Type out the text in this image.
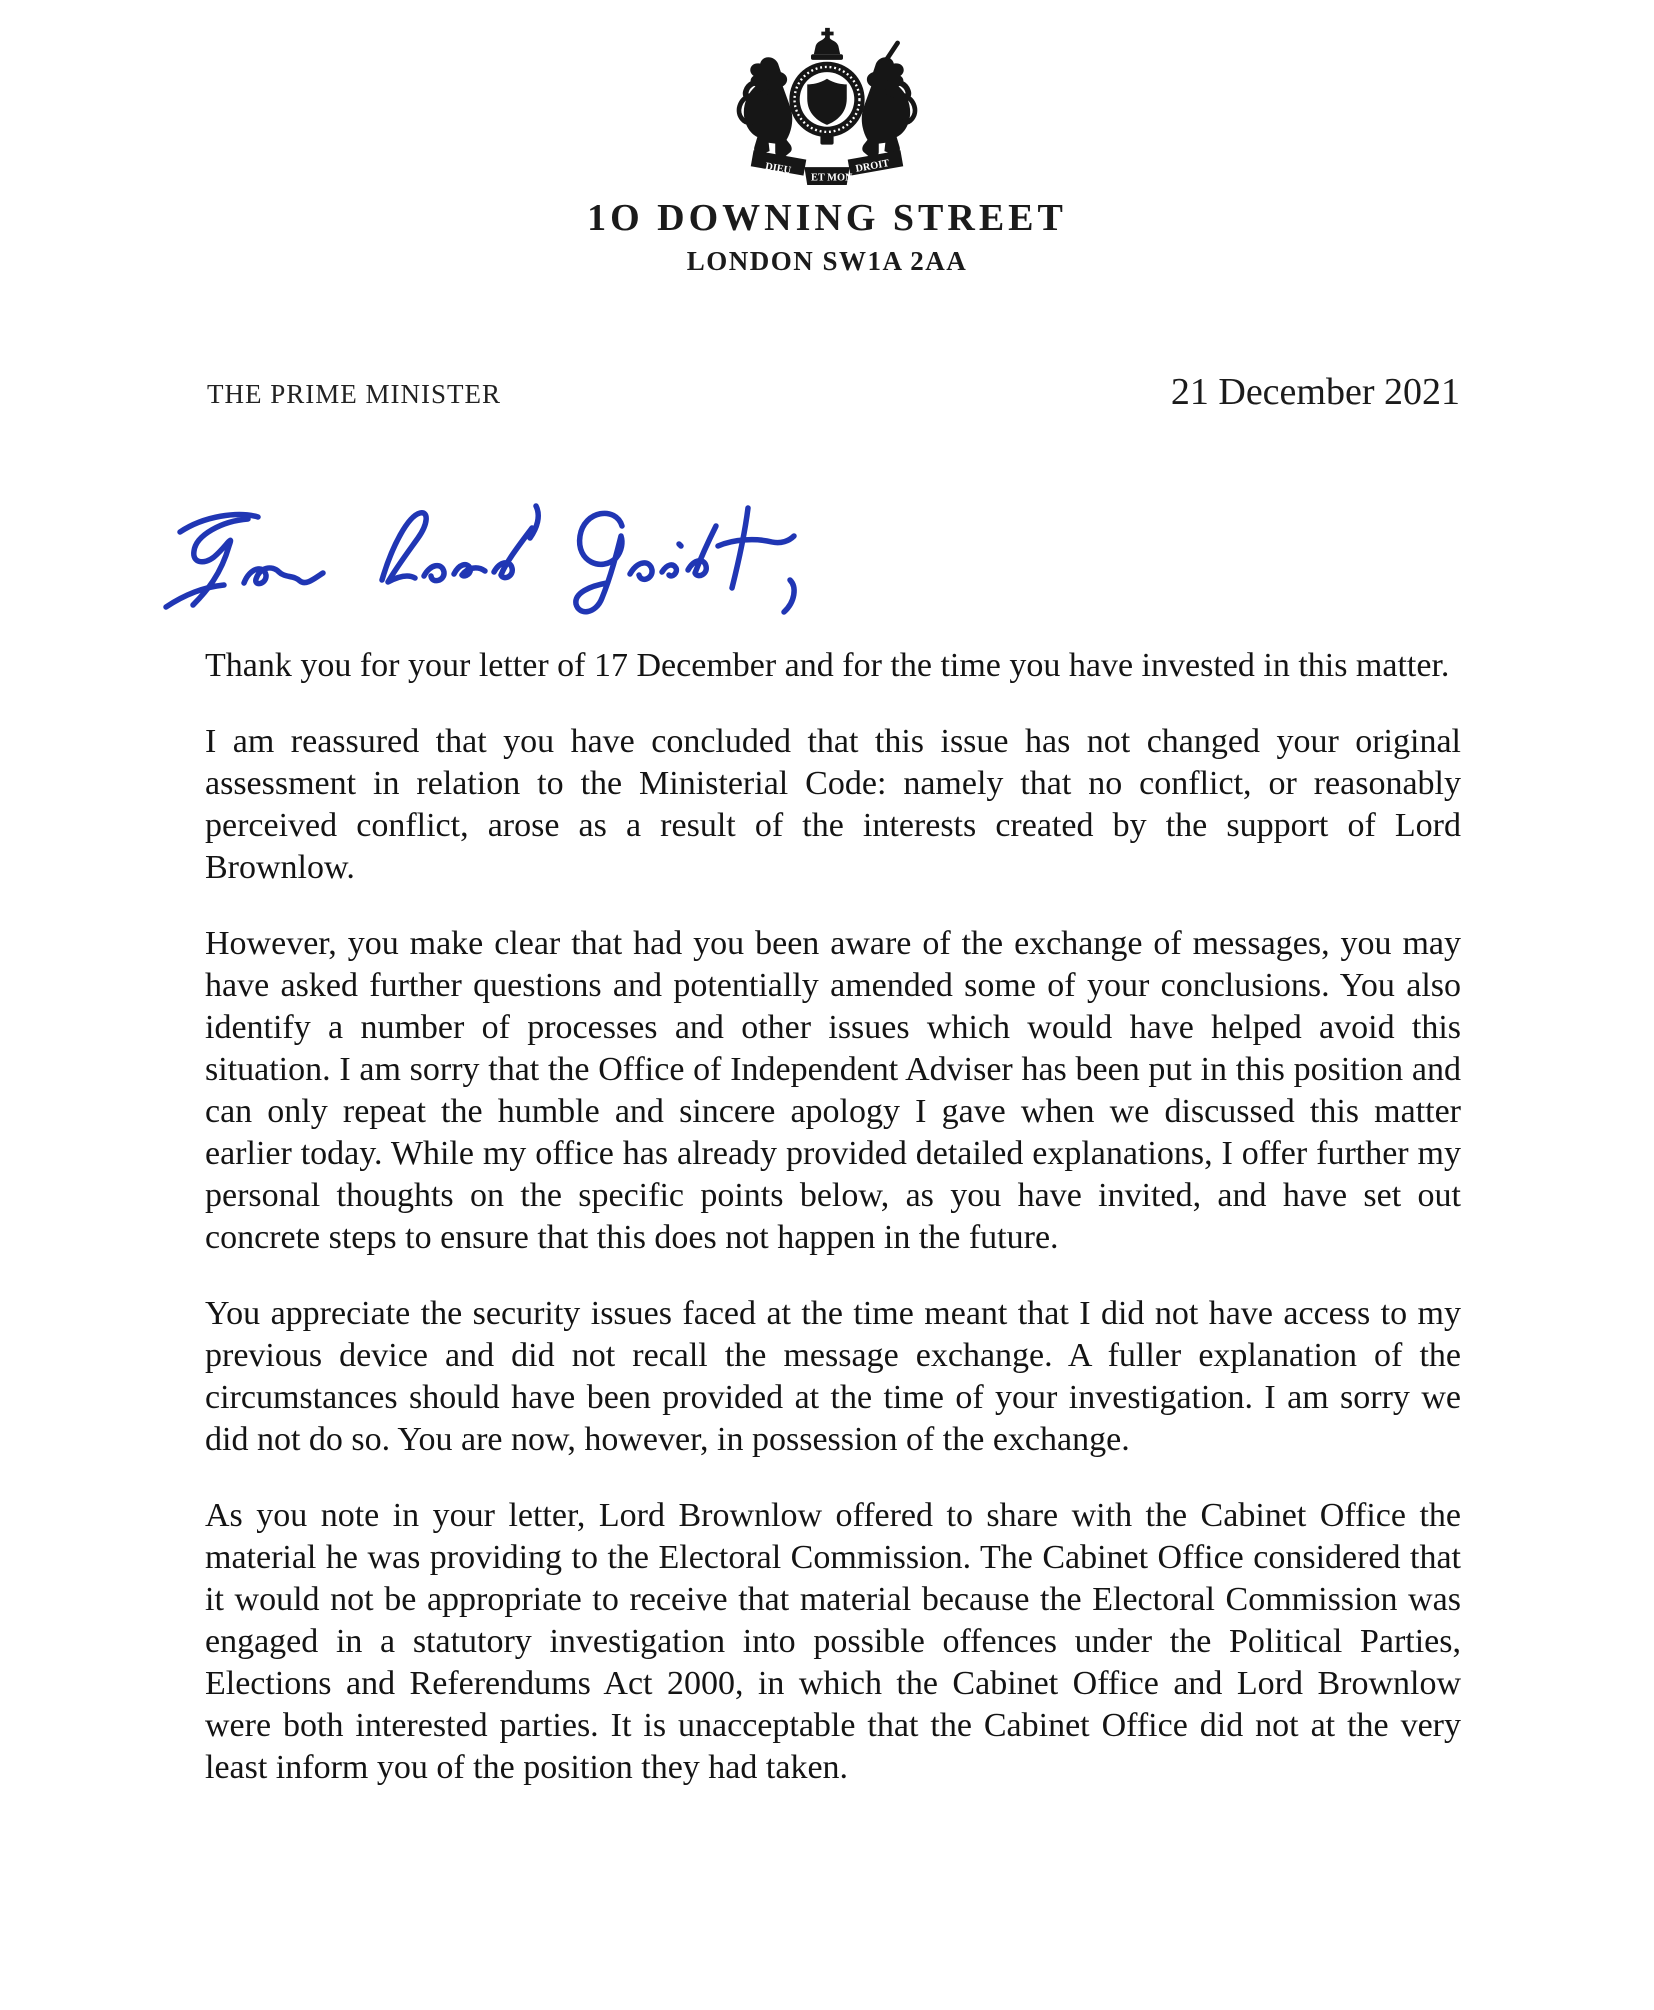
DIEU	DROIT
ET MON
1O DOWNING STREET
LONDON SW1A 2AA
THE PRIME MINISTER	21 December 2021

Thank you for your letter of 17 December and for the time you have invested in this matter.

I am reassured that you have concluded that this issue has not changed your original assessment in relation to the Ministerial Code: namely that no conflict, or reasonably perceived conflict, arose as a result of the interests created by the support of Lord Brownlow.

However, you make clear that had you been aware of the exchange of messages, you may have asked further questions and potentially amended some of your conclusions. You also identify a number of processes and other issues which would have helped avoid this situation. I am sorry that the Office of Independent Adviser has been put in this position and can only repeat the humble and sincere apology I gave when we discussed this matter earlier today. While my office has already provided detailed explanations, I offer further my personal thoughts on the specific points below, as you have invited, and have set out concrete steps to ensure that this does not happen in the future.

You appreciate the security issues faced at the time meant that I did not have access to my previous device and did not recall the message exchange. A fuller explanation of the circumstances should have been provided at the time of your investigation. I am sorry we did not do so. You are now, however, in possession of the exchange.

As you note in your letter, Lord Brownlow offered to share with the Cabinet Office the material he was providing to the Electoral Commission. The Cabinet Office considered that it would not be appropriate to receive that material because the Electoral Commission was engaged in a statutory investigation into possible offences under the Political Parties, Elections and Referendums Act 2000, in which the Cabinet Office and Lord Brownlow were both interested parties. It is unacceptable that the Cabinet Office did not at the very least inform you of the position they had taken.
